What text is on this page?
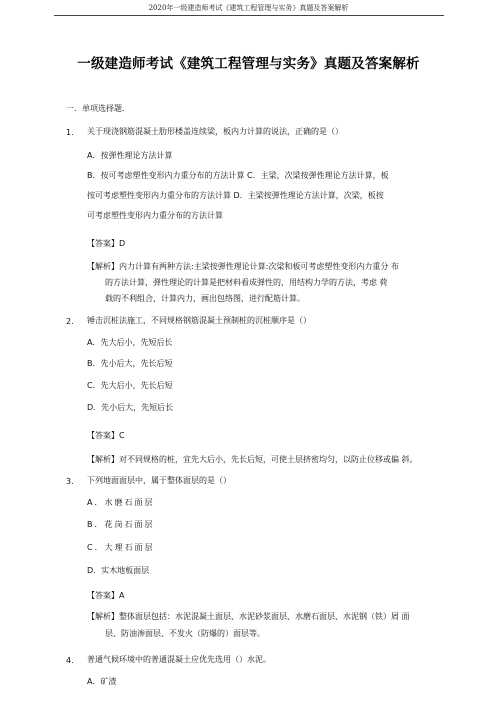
2020年一级建造师考试《建筑工程管理与实务》真题及答案解析
一级建造师考试《建筑工程管理与实务》真题及答案解析
一．单项选择题.
1. 关于现浇钢筋混凝土肋形楼盖连续梁，板内力计算的说法，正确的是（）
A．按弹性理论方法计算
B．按可考虑塑性变形内力重分布的方法计算 C．主梁，次梁按弹性理论方法计算，板
按可考虑塑性变形内力重分布的方法计算 D．主梁按弹性理论方法计算，次梁，板按
可考虑塑性变形内力重分布的方法计算
【答案】D
【解析】内力计算有两种方法:主梁按弹性理论计算:次梁和板可考虑塑性变形内力重分 布
的方法计算，弹性理论的计算是把材料看成弹性的，用结构力学的方法，考虑 荷
载的不利组合，计算内力，画出包络图，进行配筋计算。
2. 锤击沉桩法施工，不同规格钢筋混凝土预制桩的沉桩顺序是（）
A．先大后小，先短后长
B．先小后大，先长后短
C．先大后小，先长后短
D．先小后大，先短后长
【答案】C
【解析】对不同规格的桩，宜先大后小，先长后短，可使土层挤密均匀，以防止位移或偏 斜。
3. 下列地面面层中，属于整体面层的是（）
A．水磨石面层
B．花岗石面层
C．大理石面层
D．实木地板面层
【答案】A
【解析】整体面层包括：水泥混凝土面层、水泥砂浆面层、水磨石面层、水泥钢（铁）屑 面
层、防油渗面层、不发火（防爆的）面层等。
4. 普通气候环境中的普通混凝土应优先选用（）水泥。
A．矿渣
